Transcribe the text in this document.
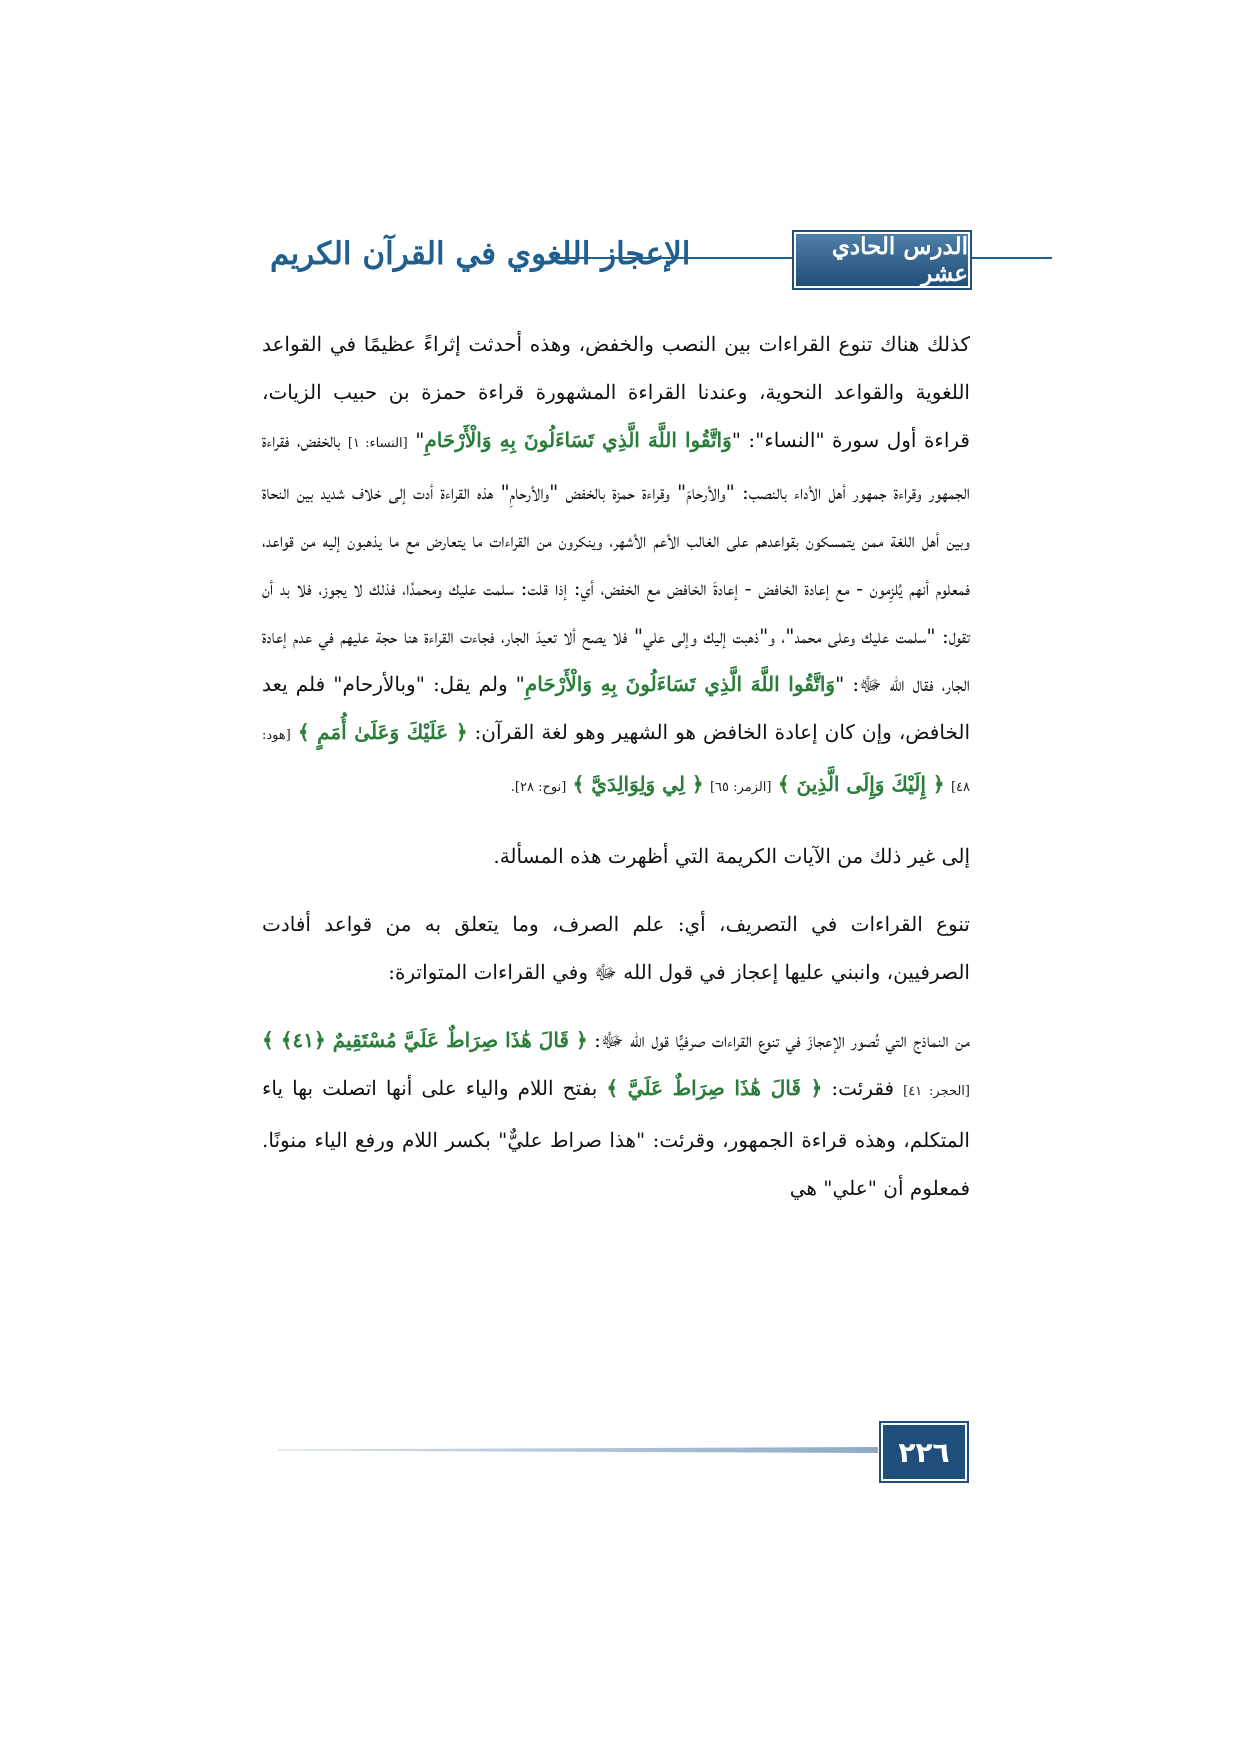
الدرس الحادي عشر
الإعجاز اللغوي في القرآن الكريم

كذلك هناك تنوع القراءات بين النصب والخفض، وهذه أحدثت إثراءً عظيمًا في القواعد اللغوية والقواعد النحوية، وعندنا القراءة المشهورة قراءة حمزة بن حبيب الزيات، قراءة أول سورة "النساء": "وَاتَّقُوا اللَّهَ الَّذِي تَسَاءَلُونَ بِهِ وَالْأَرْحَامِ" [النساء: ١] بالخفض، فقراءة الجمهور وقراءة جمهور أهل الأداء بالنصب: "والأرحامَ" وقراءة حمزة بالخفض "والأرحامِ" هذه القراءة أدت إلى خلاف شديد بين النحاة وبين أهل اللغة ممن يتمسكون بقواعدهم على الغالب الأعم الأشهر، وينكرون من القراءات ما يتعارض مع ما يذهبون إليه من قواعد، فمعلوم أنهم يُلزِمون - مع إعادة الخافض - إعادةَ الخافض مع الخفض، أي: إذا قلت: سلمت عليك ومحمدًا، فذلك لا يجوز، فلا بد أن تقول: "سلمت عليك وعلى محمد"، و"ذهبت إليك وإلى علي" فلا يصح ألا تعيدَ الجار، فجاءت القراءة هنا حجة عليهم في عدم إعادة الجار، فقال الله ﷻ: "وَاتَّقُوا اللَّهَ الَّذِي تَسَاءَلُونَ بِهِ وَالْأَرْحَامِ" ولم يقل: "وبالأرحام" فلم يعد الخافض، وإن كان إعادة الخافض هو الشهير وهو لغة القرآن: ﴿ عَلَيْكَ وَعَلَىٰ أُمَمٍ ﴾ [هود: ٤٨] ﴿ إِلَيْكَ وَإِلَى الَّذِينَ ﴾ [الزمر: ٦٥] ﴿ لِي وَلِوَالِدَيَّ ﴾ [نوح: ٢٨].

إلى غير ذلك من الآيات الكريمة التي أظهرت هذه المسألة.

تنوع القراءات في التصريف، أي: علم الصرف، وما يتعلق به من قواعد أفادت الصرفيين، وانبني عليها إعجاز في قول الله ﷻ وفي القراءات المتواترة:

من النماذج التي تُصور الإعجازَ في تنوع القراءات صرفيًّا قول الله ﷻ: ﴿ قَالَ هَٰذَا صِرَاطٌ عَلَيَّ مُسْتَقِيمٌ ﴿٤١﴾ ﴾ [الحجر: ٤١] فقرئت: ﴿ قَالَ هَٰذَا صِرَاطٌ عَلَيَّ ﴾ بفتح اللام والياء على أنها اتصلت بها ياء المتكلم، وهذه قراءة الجمهور، وقرئت: "هذا صراط عليٌّ" بكسر اللام ورفع الياء منونًا. فمعلوم أن "علي" هي

٢٢٦
